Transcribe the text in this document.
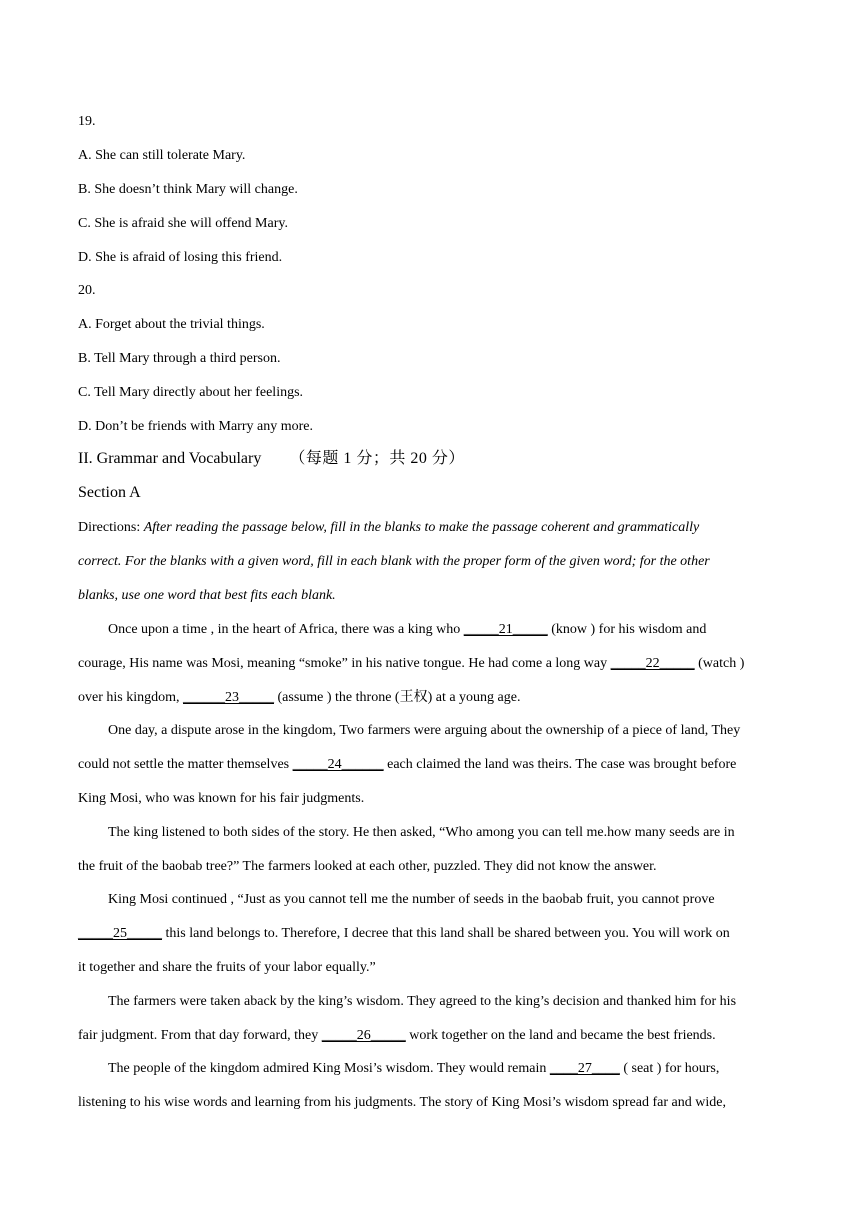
19.
A. She can still tolerate Mary.
B. She doesn’t think Mary will change.
C. She is afraid she will offend Mary.
D. She is afraid of losing this friend.
20.
A. Forget about the trivial things.
B. Tell Mary through a third person.
C. Tell Mary directly about her feelings.
D. Don’t be friends with Marry any more.
II. Grammar and Vocabulary （每题 1 分；共 20 分）
Section A
Directions: After reading the passage below, fill in the blanks to make the passage coherent and grammatically
correct. For the blanks with a given word, fill in each blank with the proper form of the given word; for the other
blanks, use one word that best fits each blank.
Once upon a time , in the heart of Africa, there was a king who _____21_____ (know ) for his wisdom and
courage, His name was Mosi, meaning “smoke” in his native tongue. He had come a long way _____22_____ (watch )
over his kingdom, ______23_____ (assume ) the throne (王权) at a young age.
One day, a dispute arose in the kingdom, Two farmers were arguing about the ownership of a piece of land, They
could not settle the matter themselves _____24______ each claimed the land was theirs. The case was brought before
King Mosi, who was known for his fair judgments.
The king listened to both sides of the story. He then asked, “Who among you can tell me.how many seeds are in
the fruit of the baobab tree?” The farmers looked at each other, puzzled. They did not know the answer.
King Mosi continued , “Just as you cannot tell me the number of seeds in the baobab fruit, you cannot prove
_____25_____ this land belongs to. Therefore, I decree that this land shall be shared between you. You will work on
it together and share the fruits of your labor equally.”
The farmers were taken aback by the king’s wisdom. They agreed to the king’s decision and thanked him for his
fair judgment. From that day forward, they _____26_____ work together on the land and became the best friends.
The people of the kingdom admired King Mosi’s wisdom. They would remain ____27____ ( seat ) for hours,
listening to his wise words and learning from his judgments. The story of King Mosi’s wisdom spread far and wide,
